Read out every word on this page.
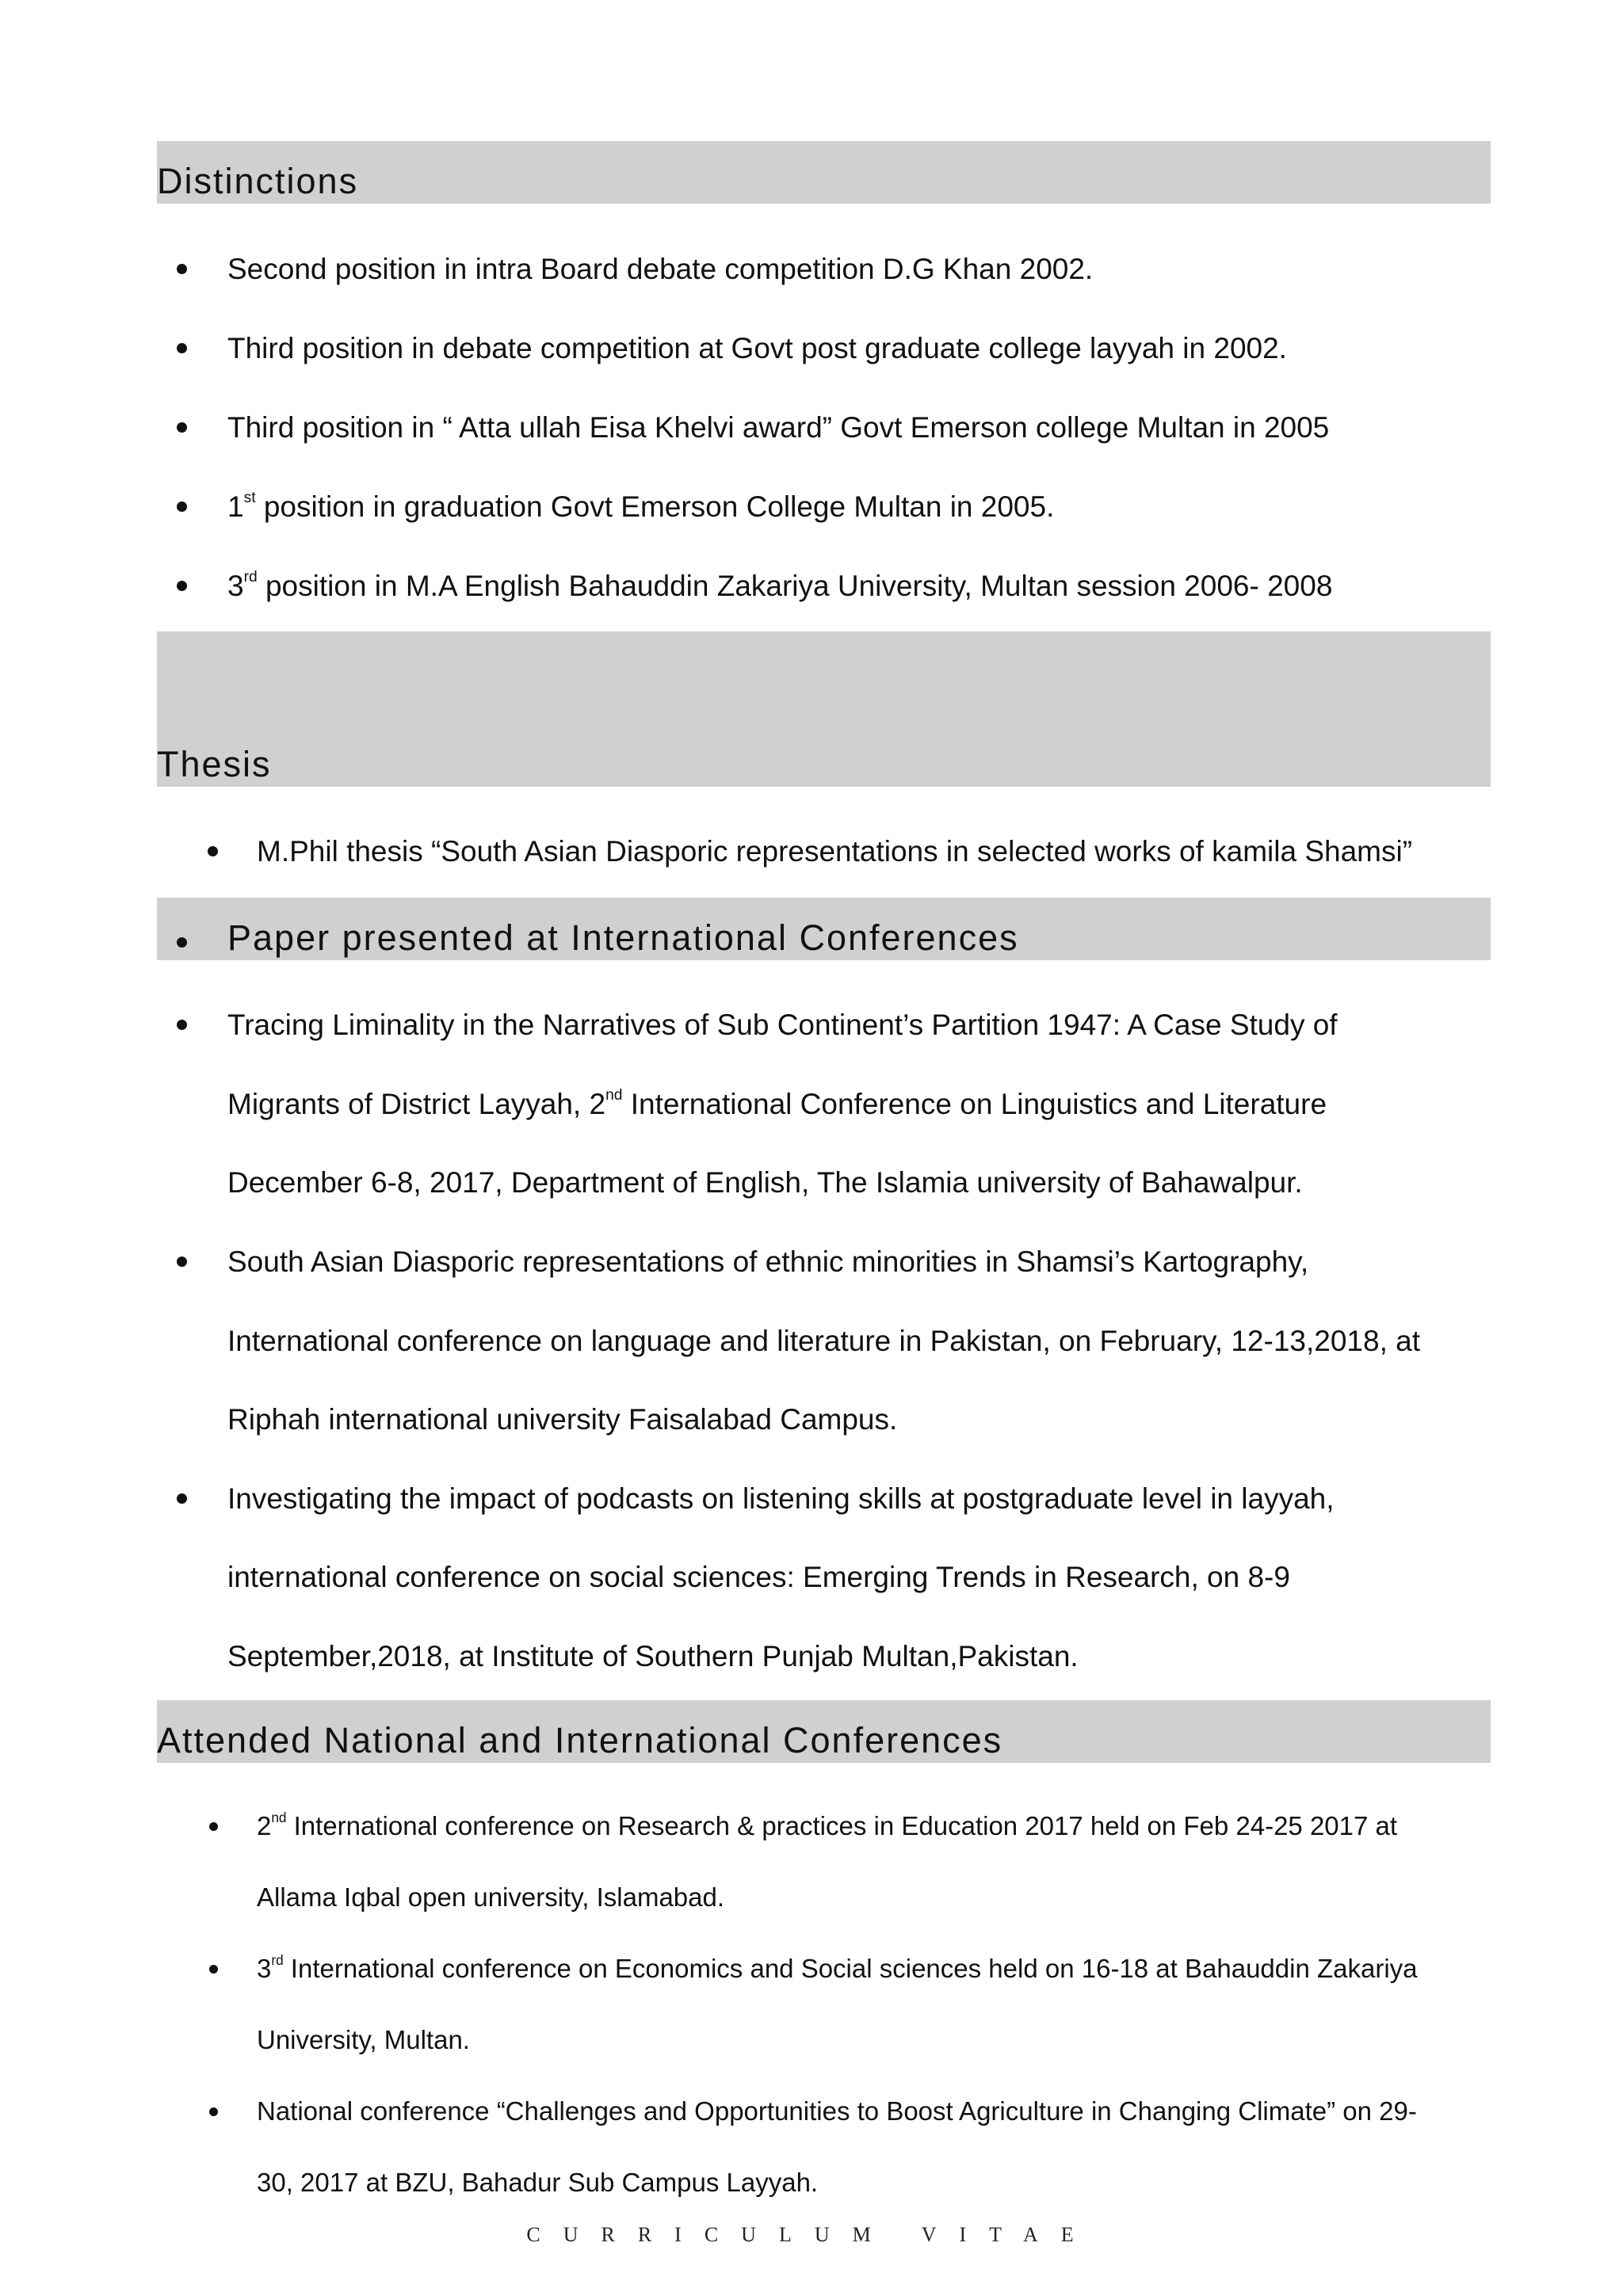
Distinctions
Second position in intra Board debate competition D.G Khan 2002.
Third position in debate competition at Govt post graduate college layyah in 2002.
Third position in “ Atta ullah Eisa Khelvi award” Govt Emerson college Multan in 2005
1st position in graduation Govt Emerson College Multan in 2005.
3rd position in M.A English Bahauddin Zakariya University, Multan session 2006- 2008
Thesis
M.Phil thesis “South Asian Diasporic representations in selected works of kamila Shamsi”
Paper presented at International Conferences
Tracing Liminality in the Narratives of Sub Continent’s Partition 1947: A Case Study of
Migrants of District Layyah, 2nd International Conference on Linguistics and Literature
December 6-8, 2017, Department of English, The Islamia university of Bahawalpur.
South Asian Diasporic representations of ethnic minorities in Shamsi’s Kartography,
International conference on language and literature in Pakistan, on February, 12-13,2018, at
Riphah international university Faisalabad Campus.
Investigating the impact of podcasts on listening skills at postgraduate level in layyah,
international conference on social sciences: Emerging Trends in Research, on 8-9
September,2018, at Institute of Southern Punjab Multan,Pakistan.
Attended National and International Conferences
2nd International conference on Research & practices in Education 2017 held on Feb 24-25 2017 at
Allama Iqbal open university, Islamabad.
3rd International conference on Economics and Social sciences held on 16-18 at Bahauddin Zakariya
University, Multan.
National conference “Challenges and Opportunities to Boost Agriculture in Changing Climate” on 29-
30, 2017 at BZU, Bahadur Sub Campus Layyah.
CURRICULUM VITAE
